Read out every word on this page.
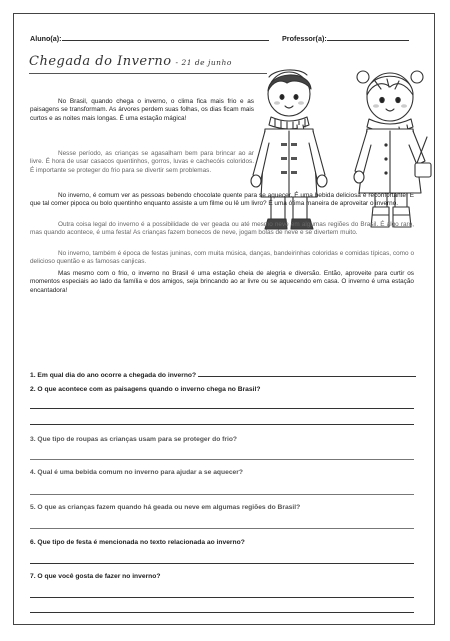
Aluno(a):	Professor(a):
Chegada do Inverno - 21 de junho

No Brasil, quando chega o inverno, o clima fica mais frio e as paisagens se transformam. As árvores perdem suas folhas, os dias ficam mais curtos e as noites mais longas. É uma estação mágica!

Nesse período, as crianças se agasalham bem para brincar ao ar livre. É hora de usar casacos quentinhos, gorros, luvas e cachecóis coloridos. É importante se proteger do frio para se divertir sem problemas.

No inverno, é comum ver as pessoas bebendo chocolate quente para se aquecer. É uma bebida deliciosa e reconfortante! E que tal comer pipoca ou bolo quentinho enquanto assiste a um filme ou lê um livro? É uma ótima maneira de aproveitar o inverno.

Outra coisa legal do inverno é a possibilidade de ver geada ou até mesmo neve em algumas regiões do Brasil. É algo raro, mas quando acontece, é uma festa! As crianças fazem bonecos de neve, jogam bolas de neve e se divertem muito.

No inverno, também é época de festas juninas, com muita música, danças, bandeirinhas coloridas e comidas típicas, como o delicioso quentão e as famosas canjicas.

Mas mesmo com o frio, o inverno no Brasil é uma estação cheia de alegria e diversão. Então, aproveite para curtir os momentos especiais ao lado da família e dos amigos, seja brincando ao ar livre ou se aquecendo em casa. O inverno é uma estação encantadora!

1. Em qual dia do ano ocorre a chegada do inverno?
2. O que acontece com as paisagens quando o inverno chega no Brasil?
3. Que tipo de roupas as crianças usam para se proteger do frio?
4. Qual é uma bebida comum no inverno para ajudar a se aquecer?
5. O que as crianças fazem quando há geada ou neve em algumas regiões do Brasil?
6. Que tipo de festa é mencionada no texto relacionada ao inverno?
7. O que você gosta de fazer no inverno?
